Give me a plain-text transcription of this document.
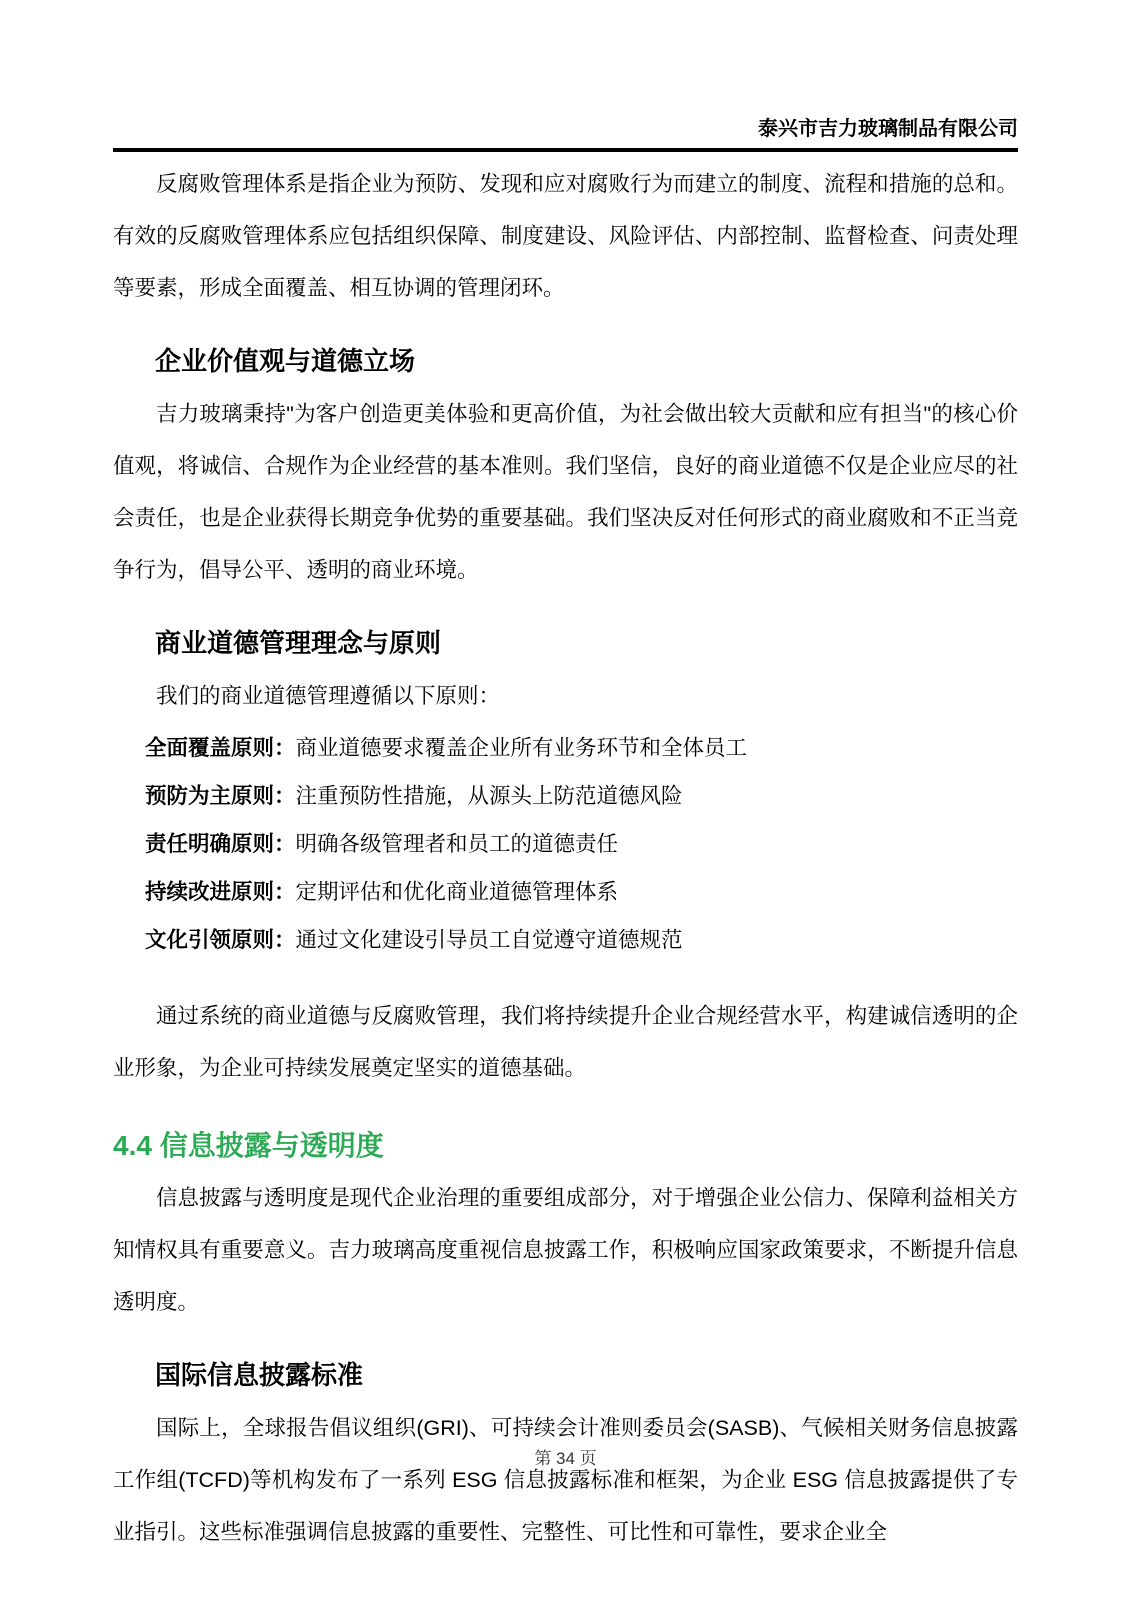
泰兴市吉力玻璃制品有限公司

反腐败管理体系是指企业为预防、发现和应对腐败行为而建立的制度、流程和措施的总和。有效的反腐败管理体系应包括组织保障、制度建设、风险评估、内部控制、监督检查、问责处理等要素，形成全面覆盖、相互协调的管理闭环。

企业价值观与道德立场

吉力玻璃秉持"为客户创造更美体验和更高价值，为社会做出较大贡献和应有担当"的核心价值观，将诚信、合规作为企业经营的基本准则。我们坚信，良好的商业道德不仅是企业应尽的社会责任，也是企业获得长期竞争优势的重要基础。我们坚决反对任何形式的商业腐败和不正当竞争行为，倡导公平、透明的商业环境。

商业道德管理理念与原则

我们的商业道德管理遵循以下原则：

全面覆盖原则：商业道德要求覆盖企业所有业务环节和全体员工
预防为主原则：注重预防性措施，从源头上防范道德风险
责任明确原则：明确各级管理者和员工的道德责任
持续改进原则：定期评估和优化商业道德管理体系
文化引领原则：通过文化建设引导员工自觉遵守道德规范

通过系统的商业道德与反腐败管理，我们将持续提升企业合规经营水平，构建诚信透明的企业形象，为企业可持续发展奠定坚实的道德基础。

4.4 信息披露与透明度

信息披露与透明度是现代企业治理的重要组成部分，对于增强企业公信力、保障利益相关方知情权具有重要意义。吉力玻璃高度重视信息披露工作，积极响应国家政策要求，不断提升信息透明度。

国际信息披露标准

国际上，全球报告倡议组织(GRI)、可持续会计准则委员会(SASB)、气候相关财务信息披露工作组(TCFD)等机构发布了一系列 ESG 信息披露标准和框架，为企业 ESG 信息披露提供了专业指引。这些标准强调信息披露的重要性、完整性、可比性和可靠性，要求企业全

第 34 页
